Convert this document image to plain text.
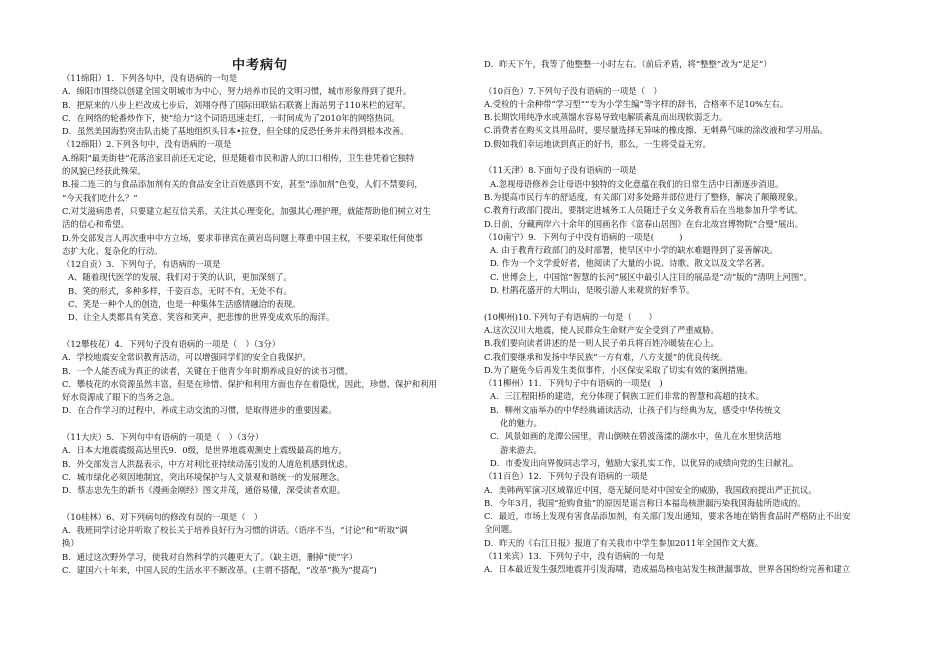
中考病句
（11绵阳）1．下列各句中，没有语病的一句是
A．绵阳市围绕以创建全国文明城市为中心，努力培养市民的文明习惯，城市形象得到了提升。
B．把原来的八步上栏改成七步后，刘翔夺得了国际田联钻石联赛上海站男子110米栏的冠军。
C．在网络的轮番炒作下，使“给力”这个词语迅速走红，一时间成为了2010年的网络热词。
D．虽然美国海豹突击队击毙了基地组织头目本•拉登，但全球的反恐任务并未得到根本改善。
（12绵阳）2.下列各句中，没有语病的一项是
A.绵阳“最美街巷”花落涪家目前还无定论，但是随着市民和游人的口口相传，卫生巷凭着它独特
的风貌已经获此殊荣。
B.接二连三的与食品添加剂有关的食品安全让百姓感到不安，甚至“添加剂”色变，人们不禁要问，
“今天我们吃什么？”
C.对艾滋病患者，只要建立起互信关系，关注其心理变化，加强其心理护理，就能帮助他们树立对生
活的信心和希望。
D.外交部发言人再次重申中方立场，要求菲律宾在黄岩岛问题上尊重中国主权，不要采取任何使事
态扩大化、复杂化的行动。
（12自贡）3．下列句子，有语病的一项是
A、随着现代医学的发展，我们对于笑的认识，更加深刻了。
B、笑的形式，多种多样，千姿百态，无时不有，无处不有。
C、笑是一种个人的创造，也是一种集体生活感情融洽的表现。
D、让全人类都具有笑意、笑容和笑声，把悲惨的世界变成欢乐的海洋。
（12攀枝花）4．下列句子没有语病的一项是（　）（3分）
A．学校地震安全常识教育活动，可以增强同学们的安全自我保护。
B．一个人能否成为真正的读者，关键在于他青少年时期养成良好的读书习惯。
C．攀枝花的水资源虽然丰富，但是在珍惜、保护和利用方面也存在着隐忧，因此，珍惜、保护和利用
好水资源成了眼下的当务之急。
D．在合作学习的过程中，养成主动交流的习惯，是取得进步的重要因素。
（11大庆）5．下列句中有语病的一项是（　）（3分）
A．日本大地震震级高达里氏9．0级，是世界地震观测史上震级最高的地方。
B．外交部发言人洪磊表示，中方对利比亚持续动荡引发的人道危机感到忧虑。
C．城市绿化必须因地制宜，突出环境保护与人文景观和谐统一的发展理念。
D．蔡志忠先生的新书《漫画金刚经》图文并茂，通俗易懂，深受读者欢迎。
（10桂林）6、对下列病句的修改有误的一项是（　）
A．我班同学讨论并听取了校长关于培养良好行为习惯的讲话。（语序不当，“讨论”和“听取”调
换）
B．通过这次野外学习，使我对自然科学的兴趣更大了。（缺主语，删掉“使”字）
C．建国六十年来，中国人民的生活水平不断改革。(主谓不搭配，“改革”换为“提高”)
D．昨天下午，我等了他整整一小时左右。（前后矛盾，将“整整”改为“足足”）
（10百色）7.下列句子没有语病的一项是（　）
A.受检的十余种带“学习型”“专为小学生编”等字样的辞书，合格率不足10%左右。
B.长期饮用纯净水或蒸馏水容易导致电解质紊乱而出现软弱乏力。
C.消费者在购买文具用品时，要尽量选择无异味的橡皮擦、无刺鼻气味的涂改液和学习用品。
D.假如我们幸运地读到真正的好书，那么，一生将受益无穷。
（11天津）8.下面句子没有语病的一项是
A.忽视母语修养会让母语中独特的文化意蕴在我们的日常生活中日渐逐步消退。
B.为提高市民行车的舒适度，有关部门对多处路井部位进行了整修，解决了颠簸现象。
C.教育行政部门提出，要制定进城务工人员随迁子女义务教育后在当地参加升学考试。
D.日前，分藏两岸六十余年的国画名作《富春山居图》在台北故宫博物院“合璧”展出。
（10南宁）9．下列句子中没有语病的一项是(　　　)
A. 由于教育行政部门的及时部署，使早区中小学的缺水难题得到了妥善解决。
D. 作为一个文学爱好者，他阅读了大量的小说、诗歌、散文以及文学名著。
C. 世博会上，中国馆“智慧的长河”展区中最引人注目的展品是“动”版的“清明上河图”。
D. 杜鹃花盛开的大明山，是吸引游人来观赏的好季节。
(10柳州)10.下列句子有语病的一句是（　　）
A.这次汉川大地震，使人民群众生命财产安全受到了严重威胁。
B.我们要向读者讲述的是一则人民子弟兵将百姓冷暖装在心上。
C.我们要继承和发扬中华民族“一方有难，八方支援”的优良传统。
D.为了避免今后再发生类似事件，小区保安采取了切实有效的案例措施。
（11柳州）11．下列句子中有语病的一项是(　)
A．三江程阳桥的建造，充分体现了侗族工匠们非常的智慧和高超的技术。
B．柳州文庙举办的中华经典诵读活动，让孩子们与经典为友，感受中华传统文
化的魅力。
C．风景如画的龙潭公园里，青山倒映在碧波荡漾的湖水中，鱼儿在水里快活地
游来游去。
D．市委发出向界俊同志学习，勉励大家扎实工作，以优异的成绩向党的生日献礼。
（11百色）12．下列句子没有语病的一项是
A．美韩两军演习区域靠近中国，毫无疑问是对中国安全的威胁，我国政府提出严正抗议。
B．今年3月，我国“抢购食盐”的原因是谣言称日本福岛核泄漏污染我国海盐所造成的。
C．最近，市场上发现有害食品添加剂，有关部门发出通知，要求各地在销售食品时严格防止不出安
全问题。
D．昨天的《右江日报》报道了有关我市中学生参加2011年全国作文大赛。
（11来宾）13．下列句子中，没有语病的一句是
A．日本最近发生强烈地震并引发海啸，造成福岛核电站发生核泄漏事故，世界各国纷纷完善和建立
